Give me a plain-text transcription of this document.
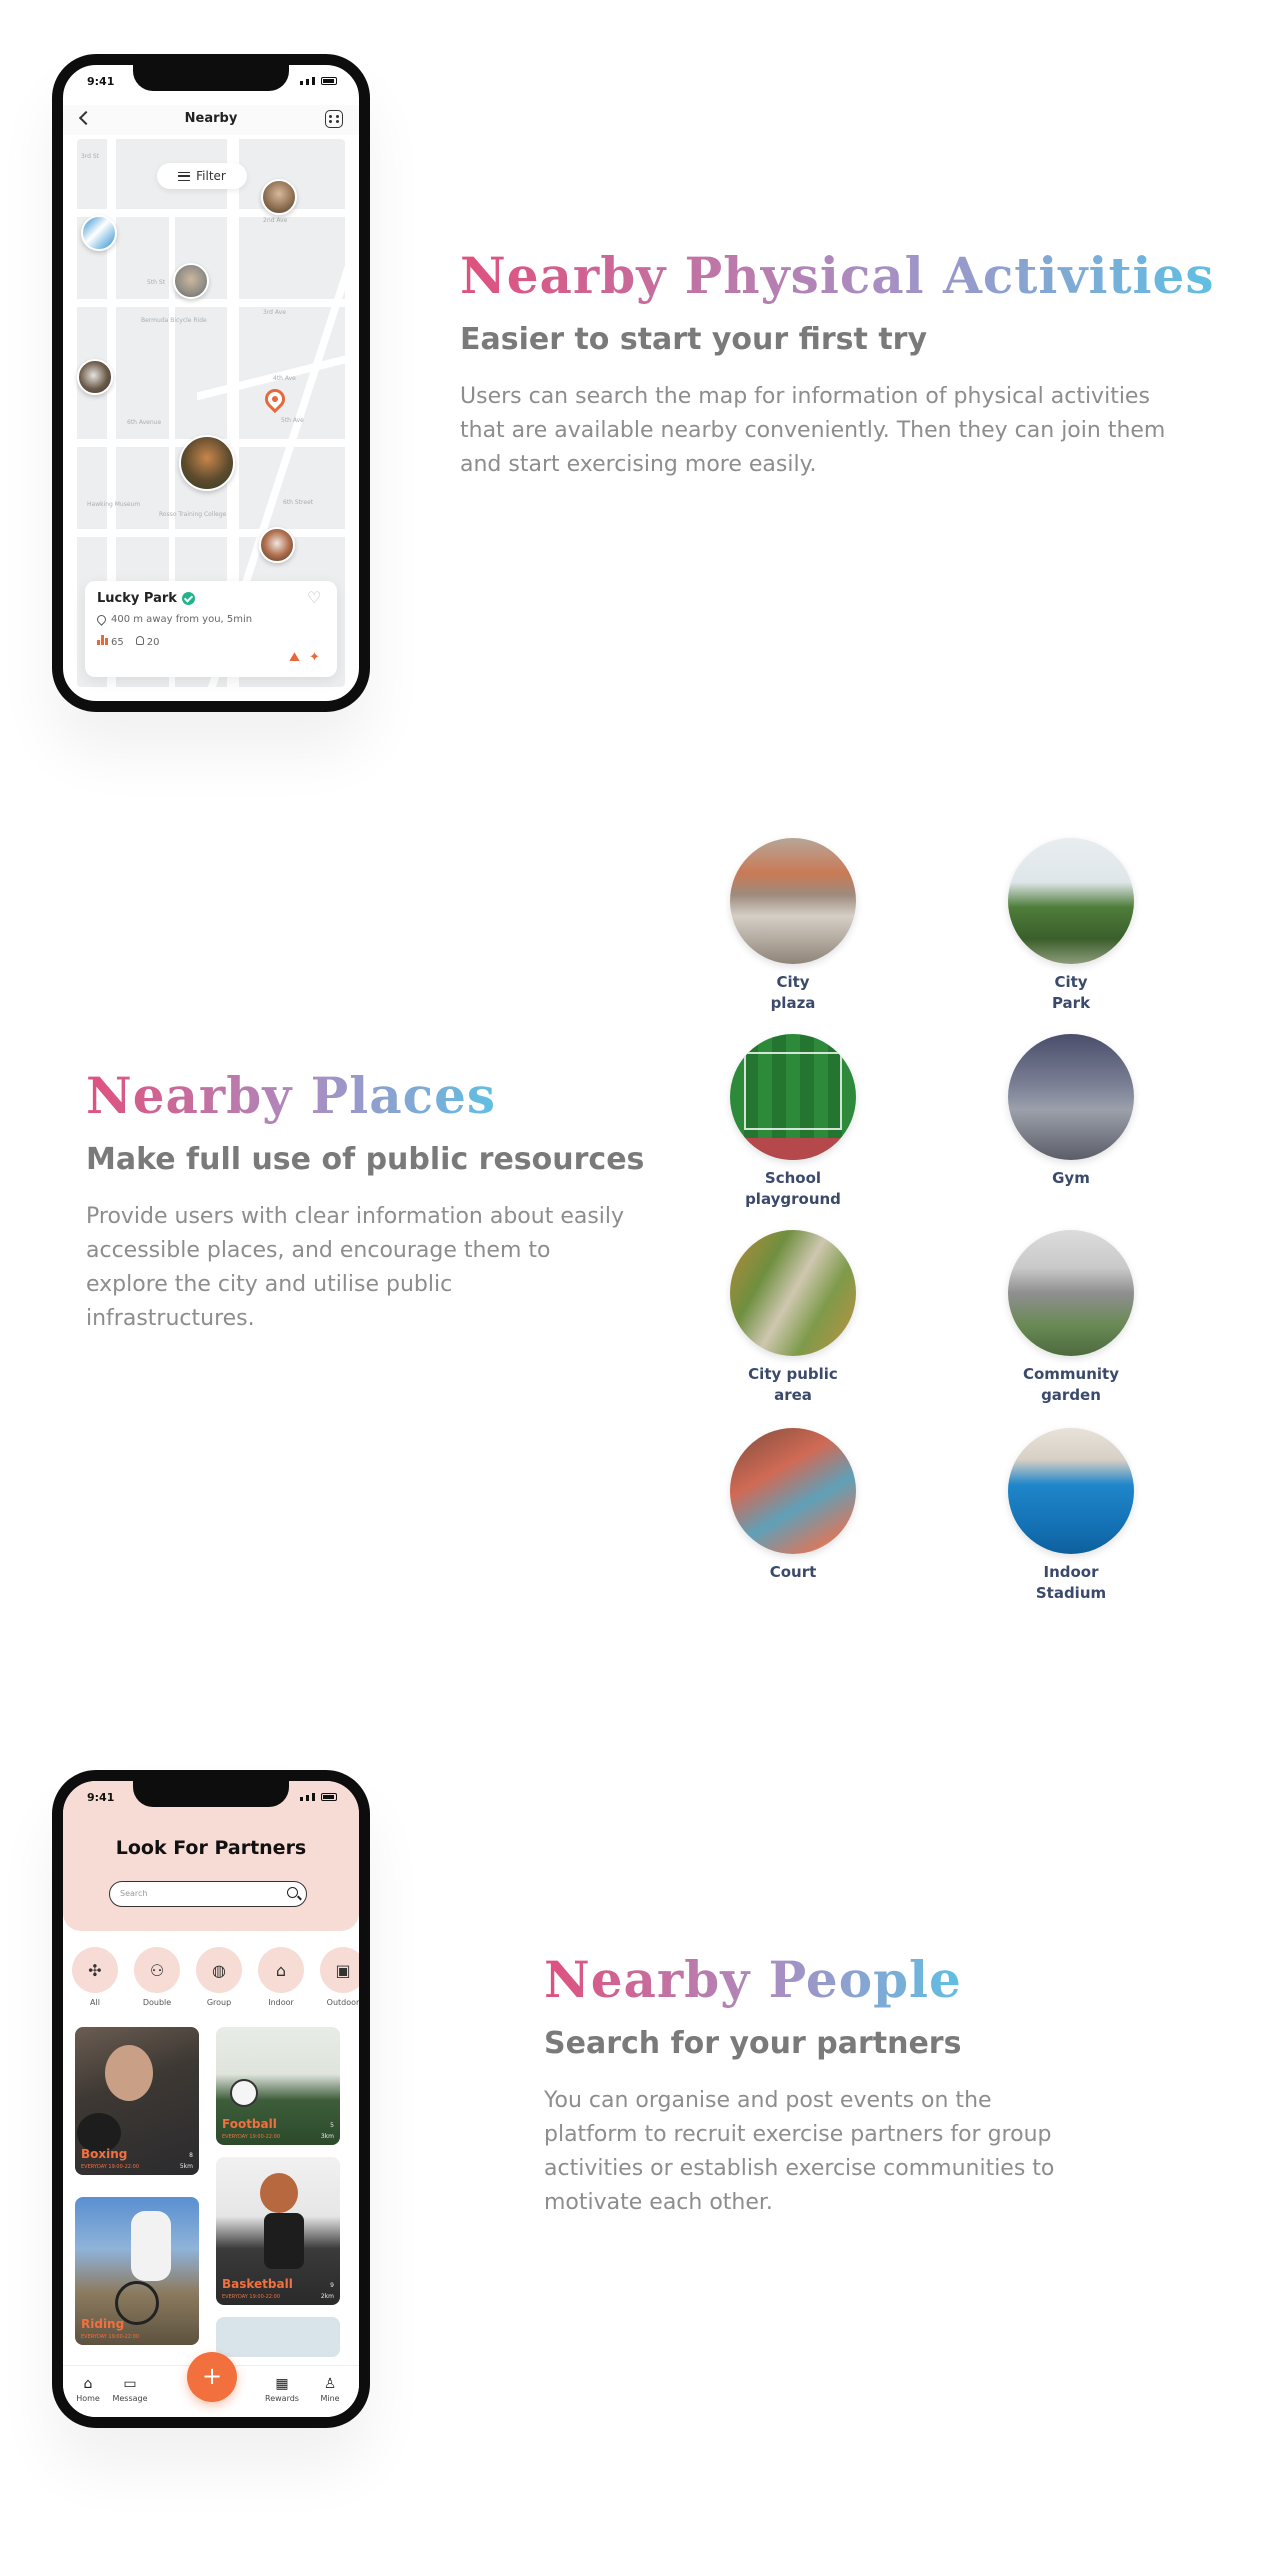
9:41
Nearby
3rd St
2nd Ave
3rd Ave
4th Ave
5th Ave
6th Avenue
Bermuda Bicycle Ride
Rosso Training College
Hawking Museum	6th Street
5th St
Filter
Lucky Park	♡
400 m away from you, 5min
65	20
⛰ ✦
Nearby Physical Activities
Easier to start your first try
Users can search the map for information of physical activities that are available nearby conveniently. Then they can join them and start exercising more easily.
Nearby Places
Make full use of public resources
Provide users with clear information about easily accessible places, and encourage them to explore the city and utilise public infrastructures.
City
plaza
City
Park
School
playground
Gym
City public
area
Community
garden
Court	Indoor
Stadium
9:41
Look For Partners
Search
✣
All
⚇
Double
◍
Group
⌂
Indoor
▣
Outdoor
Boxing
EVERYDAY 19:00-22:00
8
5km
Football
EVERYDAY 19:00-22:00
5
3km
Basketball
EVERYDAY 19:00-22:00
9
2km
Riding
EVERYDAY 19:00-22:00
⌂
Home
▭
Message
+	▦
Rewards
♙
Mine
Nearby People
Search for your partners
You can organise and post events on the platform to recruit exercise partners for group activities or establish exercise communities to motivate each other.
